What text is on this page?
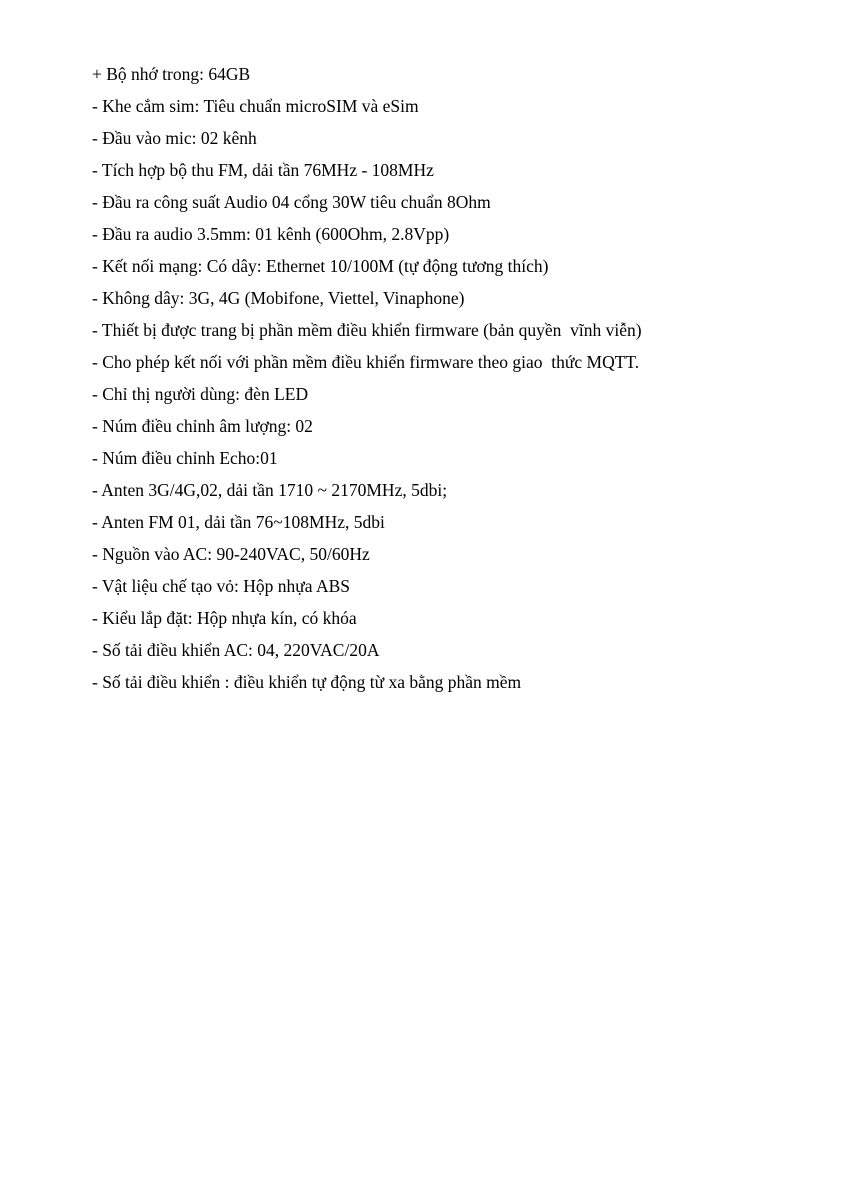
+ Bộ nhớ trong: 64GB
- Khe cắm sim: Tiêu chuẩn microSIM và eSim
- Đầu vào mic: 02 kênh
- Tích hợp bộ thu FM, dải tần 76MHz - 108MHz
- Đầu ra công suất Audio 04 cổng 30W tiêu chuẩn 8Ohm
- Đầu ra audio 3.5mm: 01 kênh (600Ohm, 2.8Vpp)
- Kết nối mạng: Có dây: Ethernet 10/100M (tự động tương thích)
- Không dây: 3G, 4G (Mobifone, Viettel, Vinaphone)
- Thiết bị được trang bị phần mềm điều khiển firmware (bản quyền  vĩnh viễn)
- Cho phép kết nối với phần mềm điều khiển firmware theo giao  thức MQTT.
- Chỉ thị người dùng: đèn LED
- Núm điều chỉnh âm lượng: 02
- Núm điều chỉnh Echo:01
- Anten 3G/4G,02, dải tần 1710 ~ 2170MHz, 5dbi;
- Anten FM 01, dải tần 76~108MHz, 5dbi
- Nguồn vào AC: 90-240VAC, 50/60Hz
- Vật liệu chế tạo vỏ: Hộp nhựa ABS
- Kiểu lắp đặt: Hộp nhựa kín, có khóa
- Số tải điều khiển AC: 04, 220VAC/20A
- Số tải điều khiển : điều khiển tự động từ xa bằng phần mềm
